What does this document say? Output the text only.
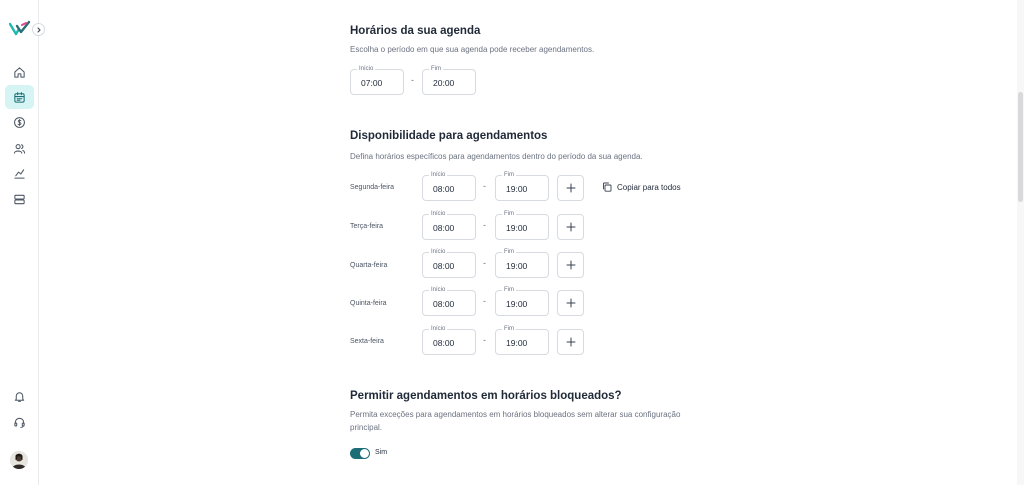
Horários da sua agenda
Escolha o período em que sua agenda pode receber agendamentos.
Início
07:00	-
Fim
20:00
Disponibilidade para agendamentos
Defina horários específicos para agendamentos dentro do período da sua agenda.
Segunda-feira
Início
08:00	-
Fim
19:00	Copiar para todos
Terça-feira
Início
08:00	-
Fim
19:00
Quarta-feira
Início
08:00	-
Fim
19:00
Quinta-feira
Início
08:00	-
Fim
19:00
Sexta-feira
Início
08:00	-
Fim
19:00
Permitir agendamentos em horários bloqueados?
Permita exceções para agendamentos em horários bloqueados sem alterar sua configuração
principal.
Sim
